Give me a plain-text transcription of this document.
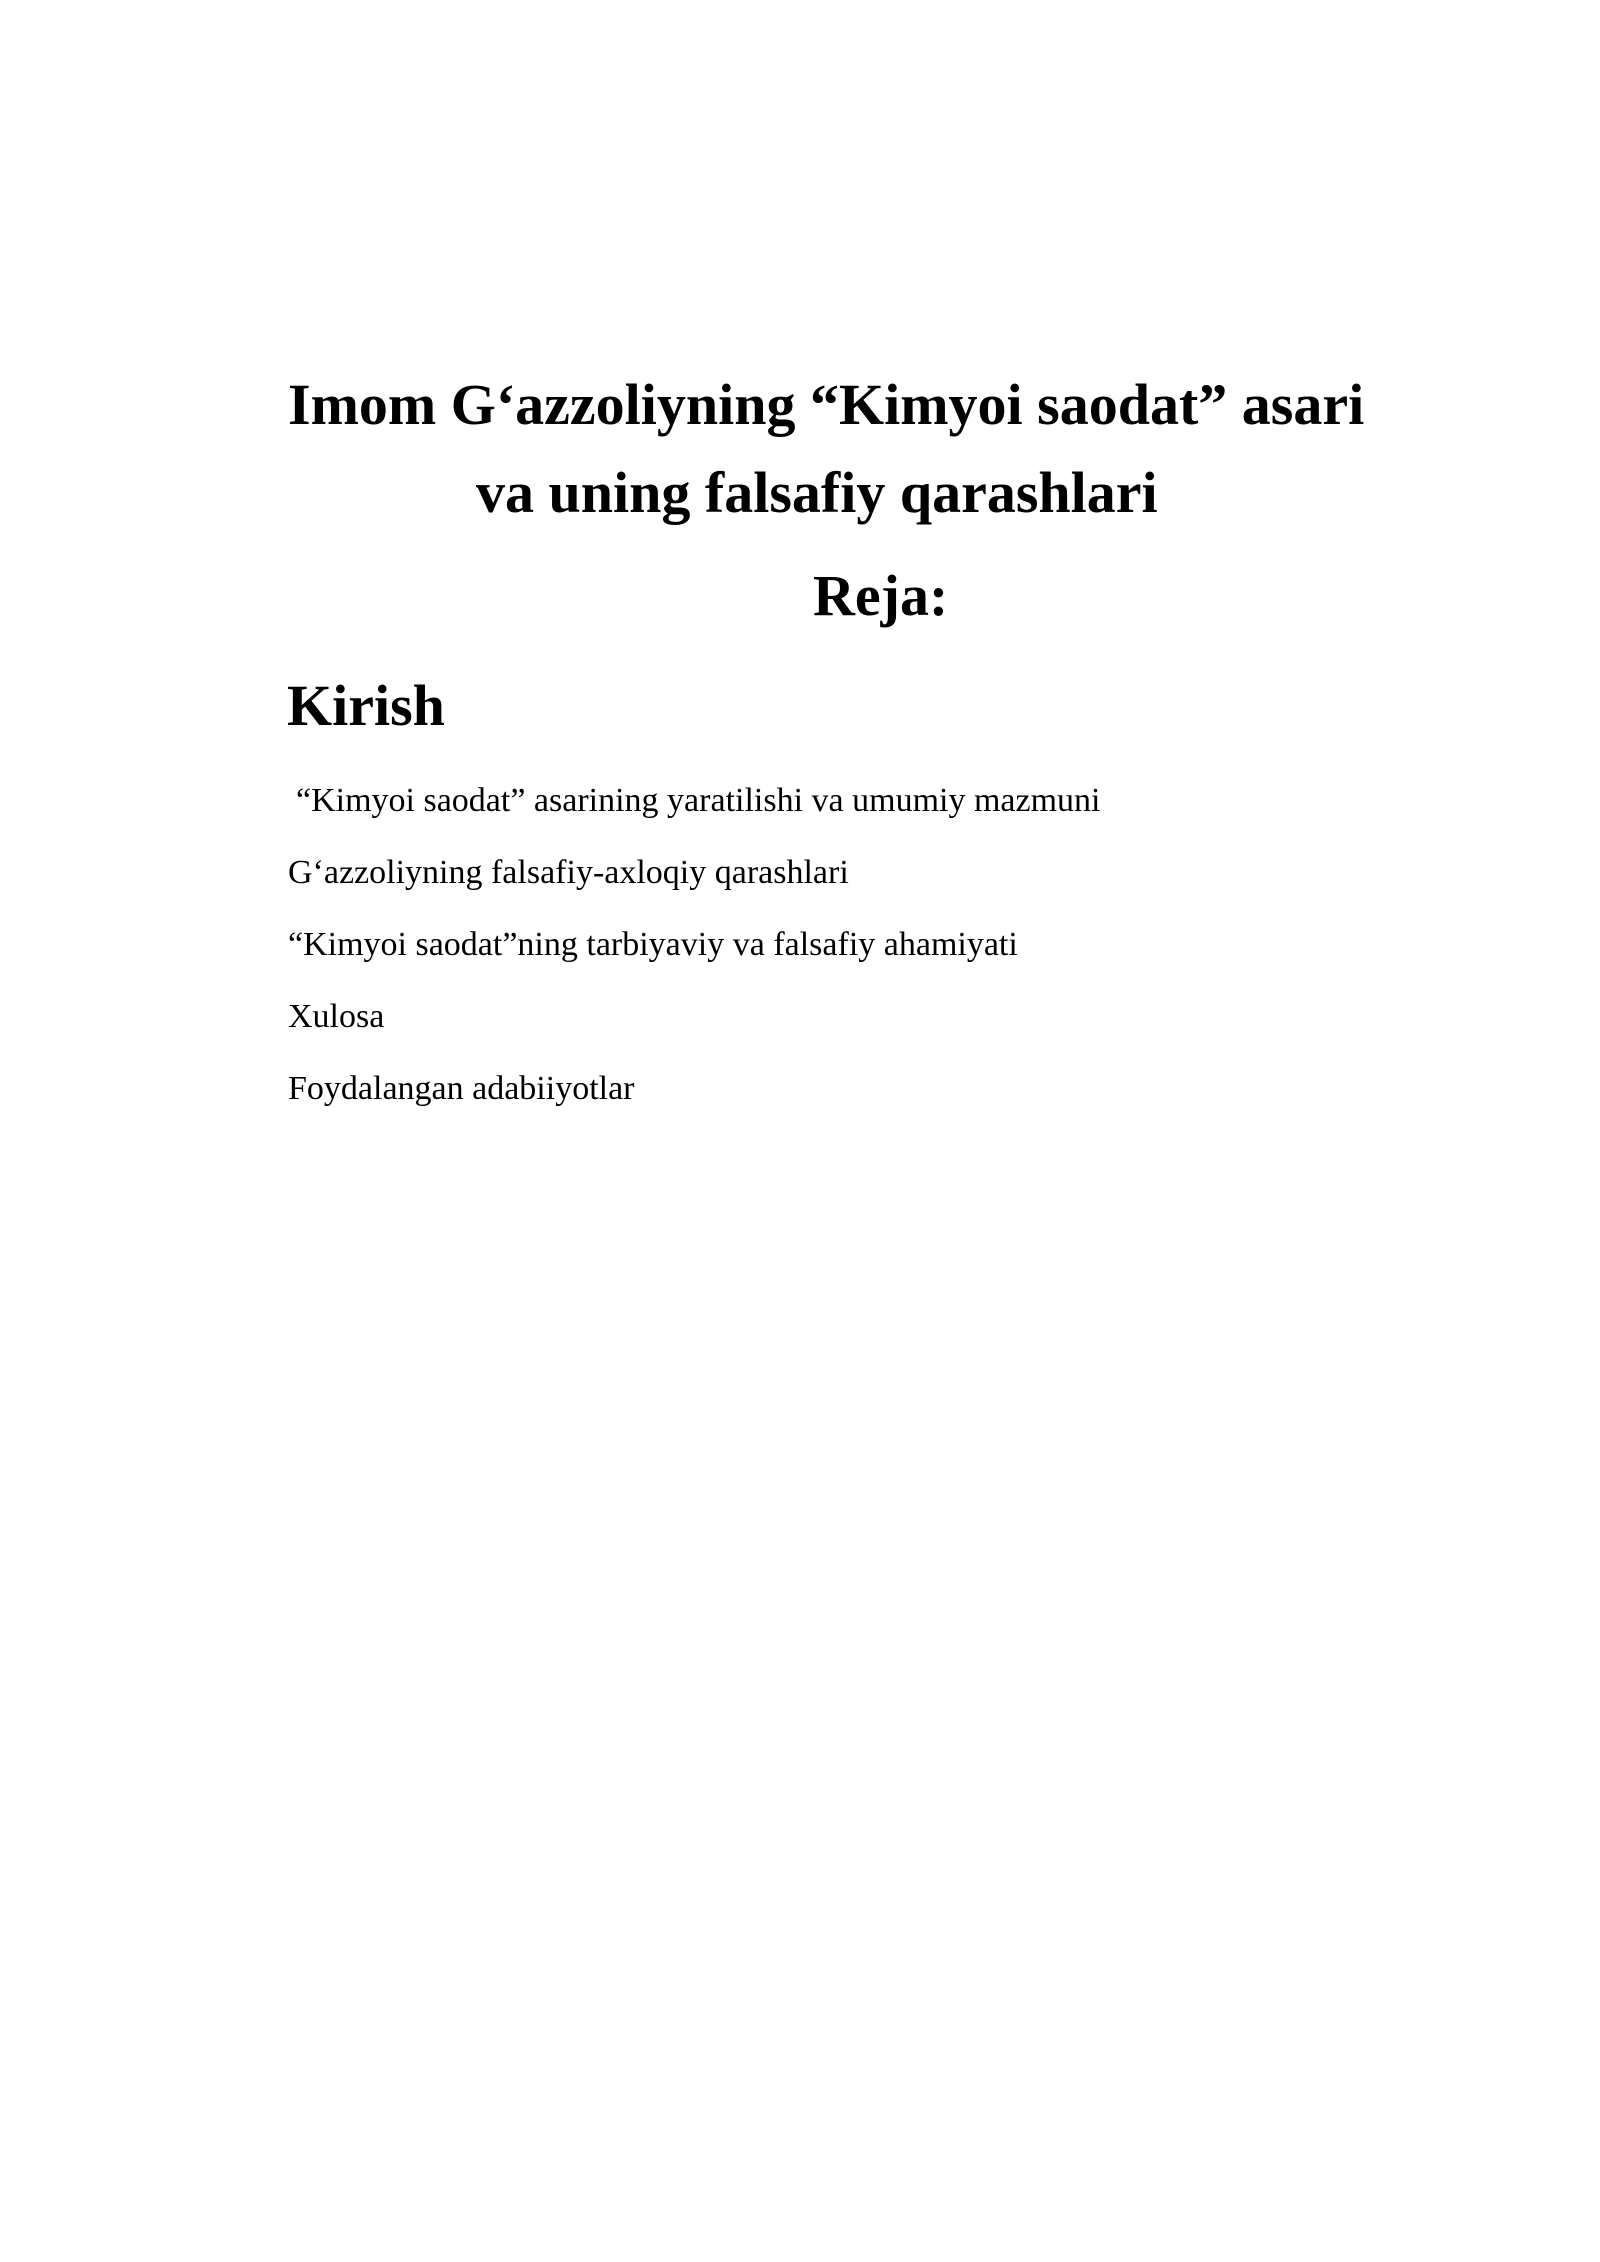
Imom G‘azzoliyning “Kimyoi saodat” asari
va uning falsafiy qarashlari
Reja:
Kirish
“Kimyoi saodat” asarining yaratilishi va umumiy mazmuni
G‘azzoliyning falsafiy-axloqiy qarashlari
“Kimyoi saodat”ning tarbiyaviy va falsafiy ahamiyati
Xulosa
Foydalangan adabiiyotlar
